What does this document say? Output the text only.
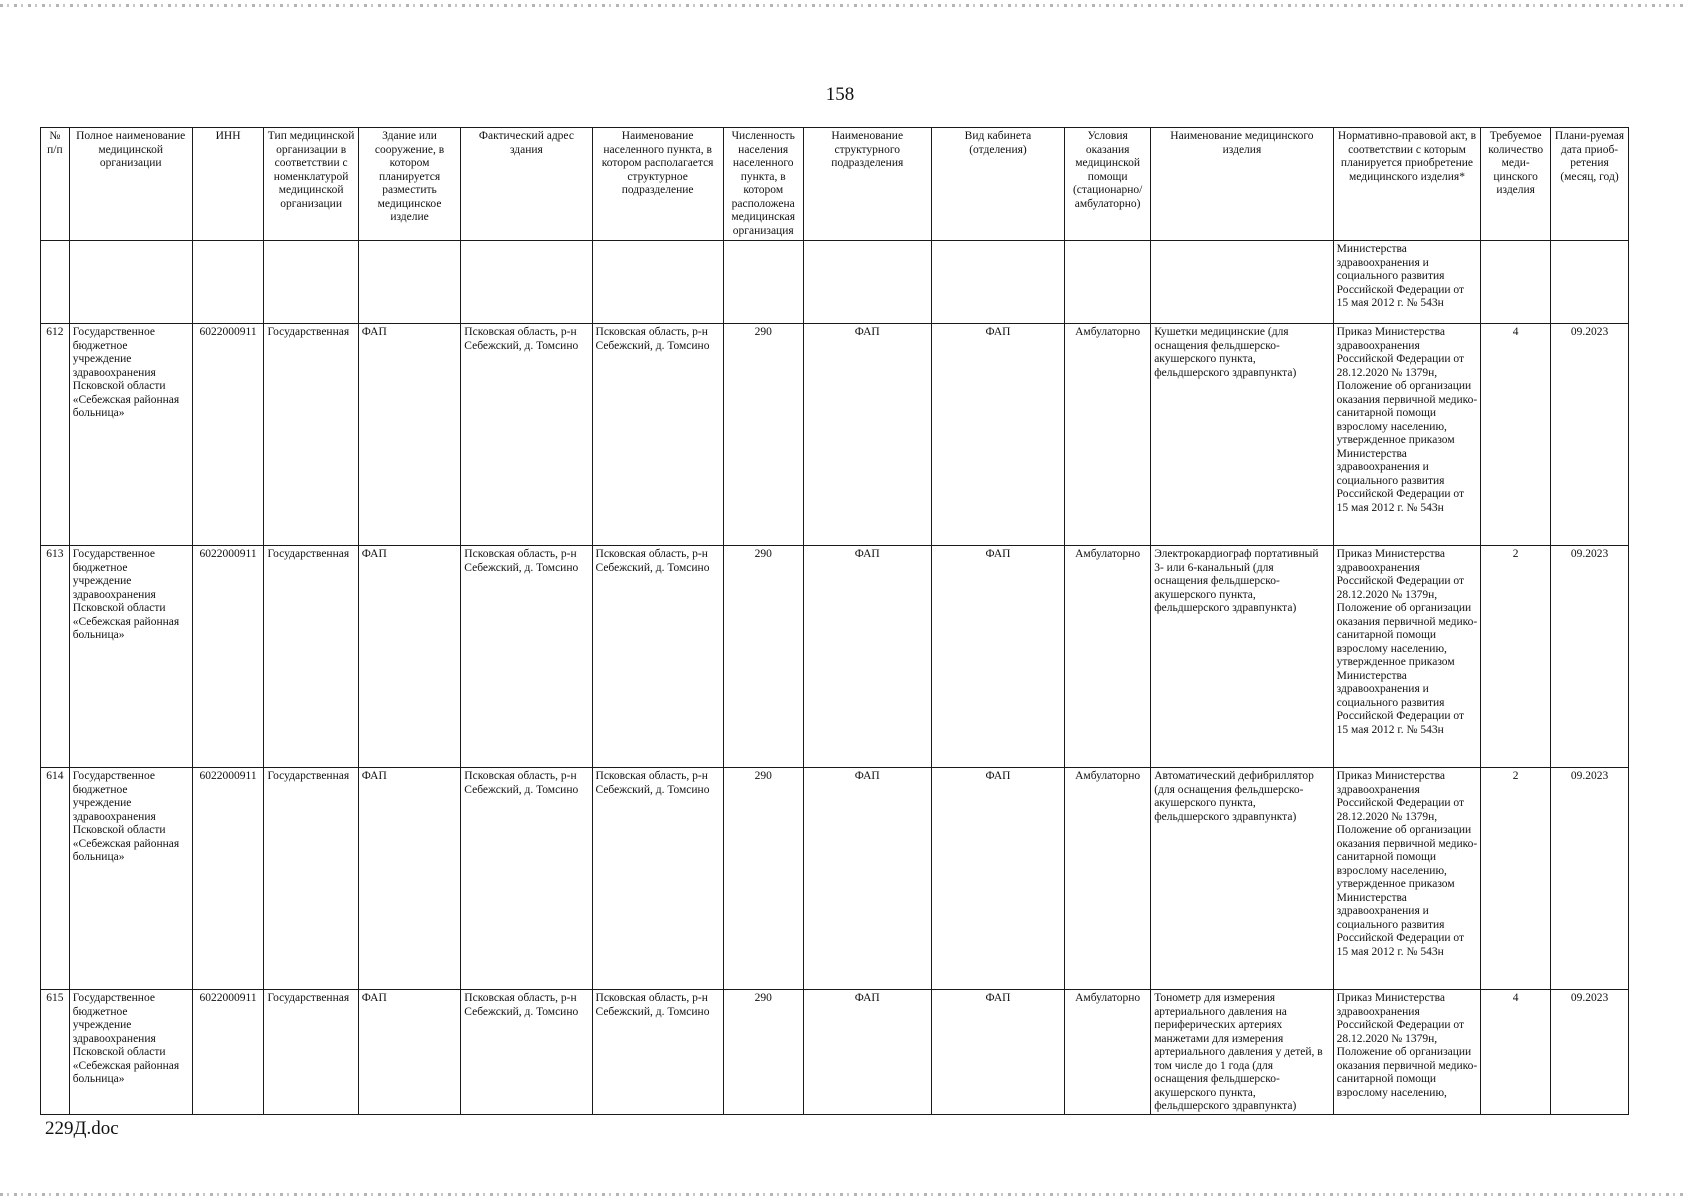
158
№ п/п	Полное наименование медицинской организации	ИНН	Тип медицинской организации в соответствии с номенклатурой медицинской организации	Здание или сооружение, в котором планируется разместить медицинское изделие	Фактический адрес здания	Наименование населенного пункта, в котором располагается структурное подразделение	Численность населения населенного пункта, в котором расположена медицинская организация	Наименование структурного подразделения	Вид кабинета (отделения)	Условия оказания медицинской помощи (стационарно/ амбулаторно)	Наименование медицинского изделия	Нормативно-правовой акт, в соответствии с которым планируется приобретение медицинского изделия*	Требуемое количество меди-цинского изделия	Плани-руемая дата приоб-ретения (месяц, год)
												Министерства здравоохранения и социального развития Российской Федерации от 15 мая 2012 г. № 543н		
612	Государственное бюджетное учреждение здравоохранения Псковской области «Себежская районная больница»	6022000911	Государственная	ФАП	Псковская область, р-н Себежский, д. Томсино	Псковская область, р-н Себежский, д. Томсино	290	ФАП	ФАП	Амбулаторно	Кушетки медицинские (для оснащения фельдшерско-акушерского пункта, фельдшерского здравпункта)	Приказ Министерства здравоохранения Российской Федерации от 28.12.2020 № 1379н, Положение об организации оказания первичной медико-санитарной помощи взрослому населению, утвержденное приказом Министерства здравоохранения и социального развития Российской Федерации от 15 мая 2012 г. № 543н	4	09.2023
613	Государственное бюджетное учреждение здравоохранения Псковской области «Себежская районная больница»	6022000911	Государственная	ФАП	Псковская область, р-н Себежский, д. Томсино	Псковская область, р-н Себежский, д. Томсино	290	ФАП	ФАП	Амбулаторно	Электрокардиограф портативный 3- или 6-канальный (для оснащения фельдшерско-акушерского пункта, фельдшерского здравпункта)	Приказ Министерства здравоохранения Российской Федерации от 28.12.2020 № 1379н, Положение об организации оказания первичной медико-санитарной помощи взрослому населению, утвержденное приказом Министерства здравоохранения и социального развития Российской Федерации от 15 мая 2012 г. № 543н	2	09.2023
614	Государственное бюджетное учреждение здравоохранения Псковской области «Себежская районная больница»	6022000911	Государственная	ФАП	Псковская область, р-н Себежский, д. Томсино	Псковская область, р-н Себежский, д. Томсино	290	ФАП	ФАП	Амбулаторно	Автоматический дефибриллятор (для оснащения фельдшерско-акушерского пункта, фельдшерского здравпункта)	Приказ Министерства здравоохранения Российской Федерации от 28.12.2020 № 1379н, Положение об организации оказания первичной медико-санитарной помощи взрослому населению, утвержденное приказом Министерства здравоохранения и социального развития Российской Федерации от 15 мая 2012 г. № 543н	2	09.2023
615	Государственное бюджетное учреждение здравоохранения Псковской области «Себежская районная больница»	6022000911	Государственная	ФАП	Псковская область, р-н Себежский, д. Томсино	Псковская область, р-н Себежский, д. Томсино	290	ФАП	ФАП	Амбулаторно	Тонометр для измерения артериального давления на периферических артериях манжетами для измерения артериального давления у детей, в том числе до 1 года (для оснащения фельдшерско-акушерского пункта, фельдшерского здравпункта)	Приказ Министерства здравоохранения Российской Федерации от 28.12.2020 № 1379н, Положение об организации оказания первичной медико-санитарной помощи взрослому населению,	4	09.2023
229Д.doc
